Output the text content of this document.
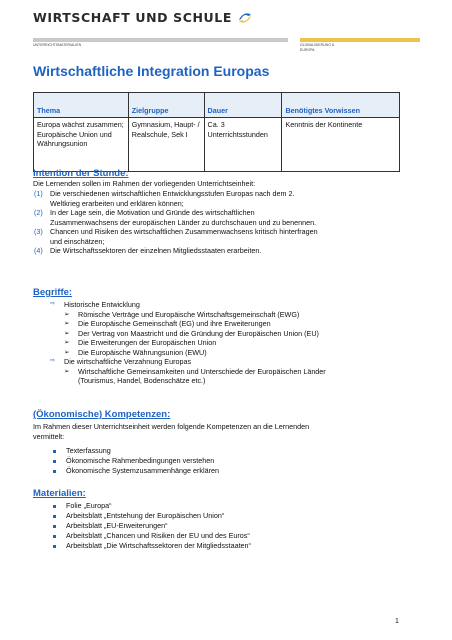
WIRTSCHAFT UND SCHULE
UNTERRICHTSMATERIALIEN	GLOBALISIERUNG &
EUROPA
Wirtschaftliche Integration Europas
Thema	Zielgruppe	Dauer	Benötigtes Vorwissen
Europa wächst zusammen; Europäische Union und Währungsunion	Gymnasium, Haupt- / Realschule, Sek I	Ca. 3 Unterrichtsstunden	Kenntnis der Kontinente
Intention der Stunde:
Die Lernenden sollen im Rahmen der vorliegenden Unterrichtseinheit:
(1)	Die verschiedenen wirtschaftlichen Entwicklungsstufen Europas nach dem 2.
Weltkrieg erarbeiten und erklären können;
(2)	In der Lage sein, die Motivation und Gründe des wirtschaftlichen
Zusammenwachsens der europäischen Länder zu durchschauen und zu benennen.
(3)	Chancen und Risiken des wirtschaftlichen Zusammenwachsens kritisch hinterfragen
und einschätzen;
(4)	Die Wirtschaftssektoren der einzelnen Mitgliedsstaaten erarbeiten.
Begriffe:
⇨	Historische Entwicklung
➢	Römische Verträge und Europäische Wirtschaftsgemeinschaft (EWG)
➢	Die Europäische Gemeinschaft (EG) und ihre Erweiterungen
➢	Der Vertrag von Maastricht und die Gründung der Europäischen Union (EU)
➢	Die Erweiterungen der Europäischen Union
➢	Die Europäische Währungsunion (EWU)
⇨	Die wirtschaftliche Verzahnung Europas
➢	Wirtschaftliche Gemeinsamkeiten und Unterschiede der Europäischen Länder
(Tourismus, Handel, Bodenschätze etc.)
(Ökonomische) Kompetenzen:
Im Rahmen dieser Unterrichtseinheit werden folgende Kompetenzen an die Lernenden
vermittelt:
Texterfassung
Ökonomische Rahmenbedingungen verstehen
Ökonomische Systemzusammenhänge erklären
Materialien:
Folie „Europa“
Arbeitsblatt „Entstehung der Europäischen Union“
Arbeitsblatt „EU-Erweiterungen“
Arbeitsblatt „Chancen und Risiken der EU und des Euros“
Arbeitsblatt „Die Wirtschaftssektoren der Mitgliedsstaaten“
1
